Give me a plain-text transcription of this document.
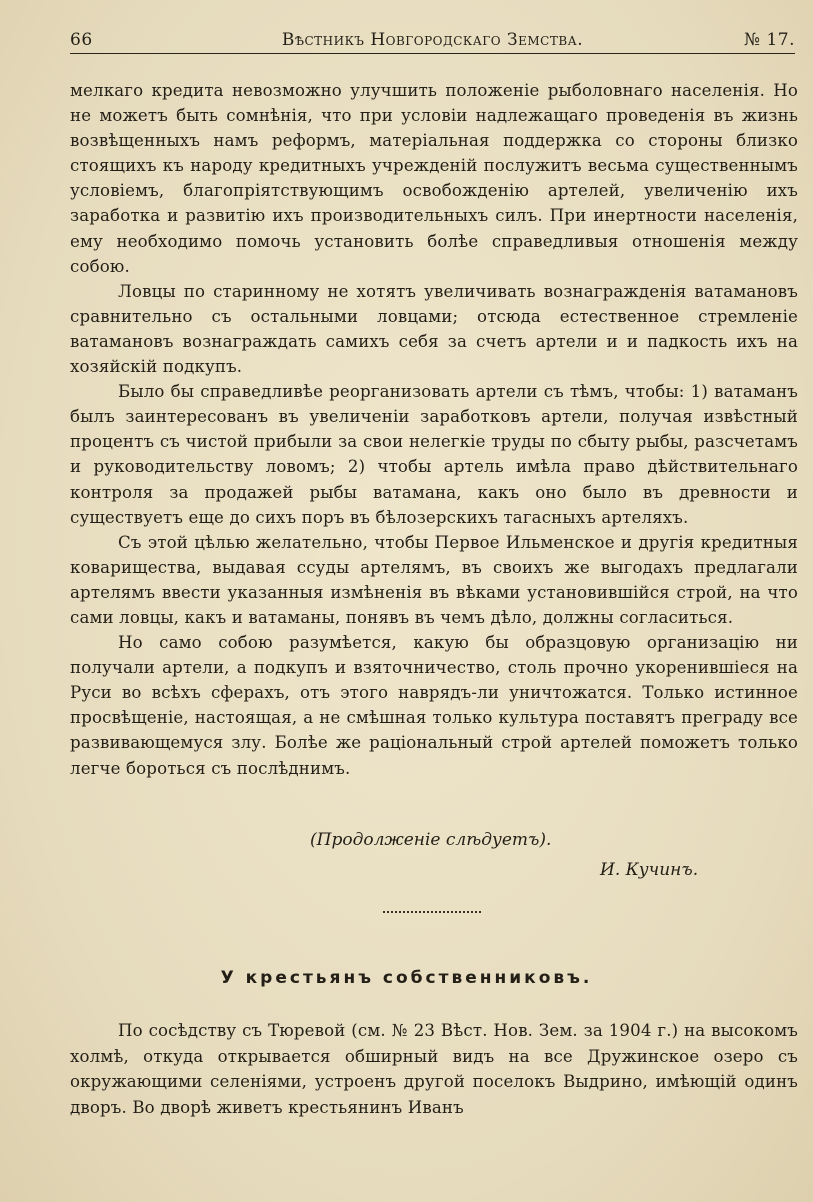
66	Вѣстникъ Новгородскаго Земства.	№ 17.

мелкаго кредита невозможно улучшить положеніе рыболовнаго населенія. Но не можетъ быть сомнѣнія, что при условіи надлежащаго проведенія въ жизнь возвѣщенныхъ намъ реформъ, матеріальная поддержка со стороны близко стоящихъ къ народу кредитныхъ учрежденій послужитъ весьма существеннымъ условіемъ, благопріятствующимъ освобожденію артелей, увеличенію ихъ заработка и развитію ихъ производительныхъ силъ. При инертности населенія, ему необходимо помочь установить болѣе справедливыя отношенія между собою.

Ловцы по старинному не хотятъ увеличивать вознагражденія ватамановъ сравнительно съ остальными ловцами; отсюда естественное стремленіе ватамановъ вознаграждать самихъ себя за счетъ артели и и падкость ихъ на хозяйскій подкупъ.

Было бы справедливѣе реорганизовать артели съ тѣмъ, чтобы: 1) ватаманъ былъ заинтересованъ въ увеличеніи заработковъ артели, получая извѣстный процентъ съ чистой прибыли за свои нелегкіе труды по сбыту рыбы, разсчетамъ и руководительству ловомъ; 2) чтобы артель имѣла право дѣйствительнаго контроля за продажей рыбы ватамана, какъ оно было въ древности и существуетъ еще до сихъ поръ въ бѣлозерскихъ тагасныхъ артеляхъ.

Съ этой цѣлью желательно, чтобы Первое Ильменское и другія кредитныя коварищества, выдавая ссуды артелямъ, въ своихъ же выгодахъ предлагали артелямъ ввести указанныя измѣненія въ вѣками установившійся строй, на что сами ловцы, какъ и ватаманы, понявъ въ чемъ дѣло, должны согласиться.

Но само собою разумѣется, какую бы образцовую организацію ни получали артели, а подкупъ и взяточничество, столь прочно укоренившіеся на Руси во всѣхъ сферахъ, отъ этого наврядъ-ли уничтожатся. Только истинное просвѣщеніе, настоящая, а не смѣшная только культура поставятъ преграду все развивающемуся злу. Болѣе же раціональный строй артелей поможетъ только легче бороться съ послѣднимъ.

(Продолженіе слѣдуетъ).
И. Кучинъ.
У крестьянъ собственниковъ.

По сосѣдству съ Тюревой (см. № 23 Вѣст. Нов. Зем. за 1904 г.) на высокомъ холмѣ, откуда открывается обширный видъ на все Дружинское озеро съ окружающими селеніями, устроенъ другой поселокъ Выдрино, имѣющій одинъ дворъ. Во дворѣ живетъ крестьянинъ Иванъ
